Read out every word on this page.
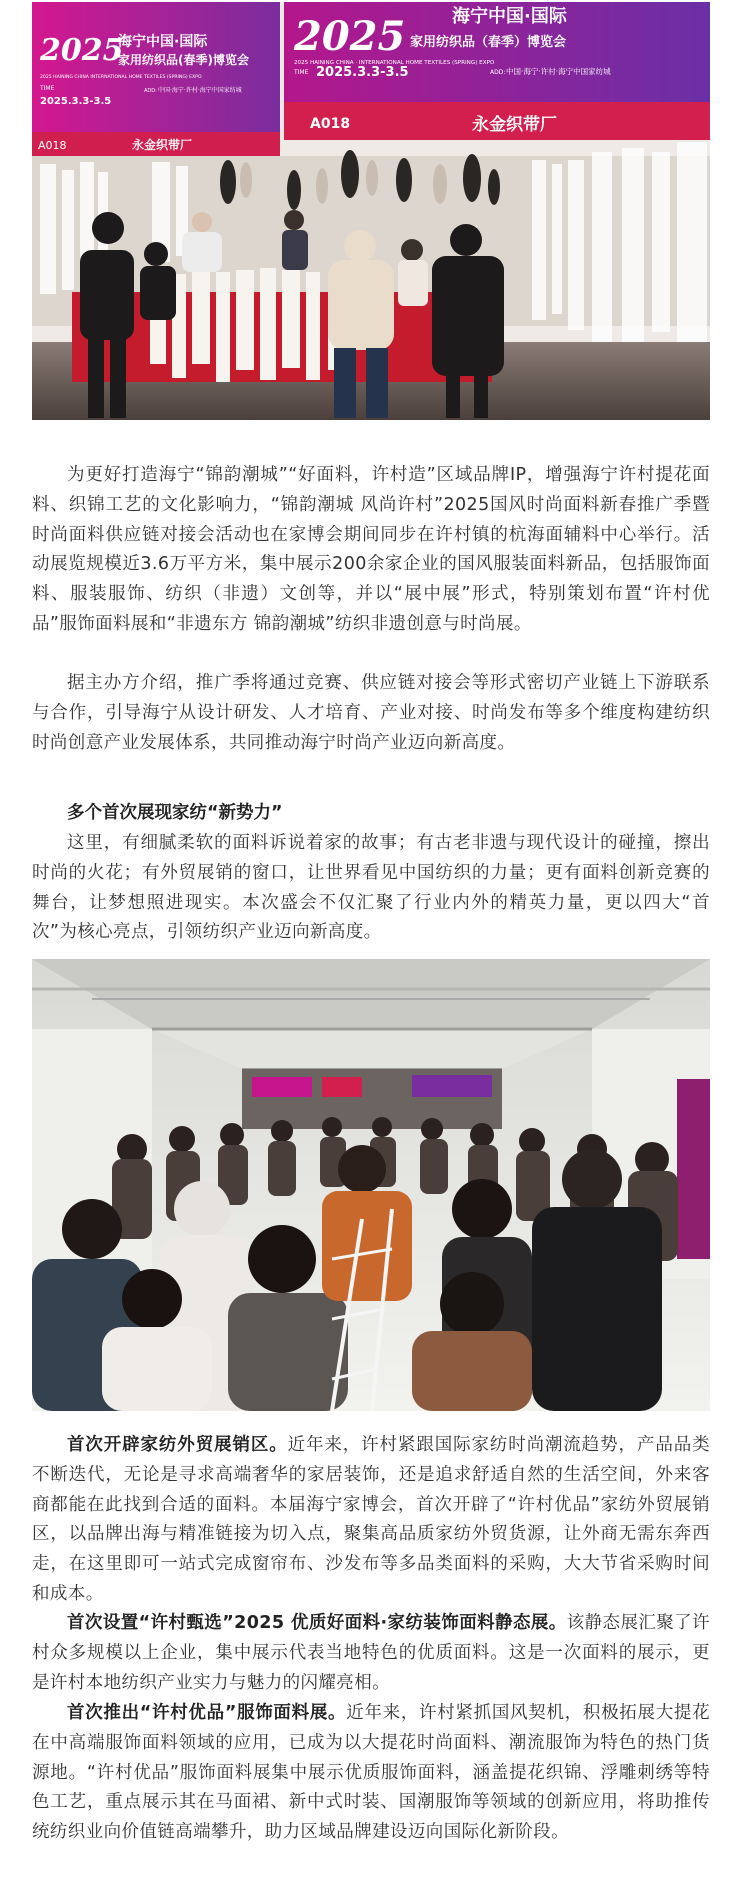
2025
海宁中国·国际
家用纺织品(春季)博览会
2025 HAINING CHINA INTERNATIONAL HOME TEXTILES (SPRING) EXPO
TIME
2025.3.3-3.5
ADD: 中国·海宁·许村·海宁中国家纺城
A018	永金织带厂
2025	海宁中国·国际
家用纺织品（春季）博览会
2025 HAINING CHINA · INTERNATIONAL HOME TEXTILES (SPRING) EXPO
TIME 2025.3.3-3.5	ADD: 中国·海宁·许村·海宁中国家纺城
A018	永金织带厂

为更好打造海宁“锦韵潮城”“好面料，许村造”区域品牌IP，增强海宁许村提花面料、织锦工艺的文化影响力，“锦韵潮城 风尚许村”2025国风时尚面料新春推广季暨时尚面料供应链对接会活动也在家博会期间同步在许村镇的杭海面辅料中心举行。活动展览规模近3.6万平方米，集中展示200余家企业的国风服装面料新品，包括服饰面料、服装服饰、纺织（非遗）文创等，并以“展中展”形式，特别策划布置“许村优品”服饰面料展和“非遗东方 锦韵潮城”纺织非遗创意与时尚展。

据主办方介绍，推广季将通过竞赛、供应链对接会等形式密切产业链上下游联系与合作，引导海宁从设计研发、人才培育、产业对接、时尚发布等多个维度构建纺织时尚创意产业发展体系，共同推动海宁时尚产业迈向新高度。

多个首次展现家纺“新势力”

这里，有细腻柔软的面料诉说着家的故事；有古老非遗与现代设计的碰撞，擦出时尚的火花；有外贸展销的窗口，让世界看见中国纺织的力量；更有面料创新竞赛的舞台，让梦想照进现实。本次盛会不仅汇聚了行业内外的精英力量，更以四大“首次”为核心亮点，引领纺织产业迈向新高度。

首次开辟家纺外贸展销区。近年来，许村紧跟国际家纺时尚潮流趋势，产品品类不断迭代，无论是寻求高端奢华的家居装饰，还是追求舒适自然的生活空间，外来客商都能在此找到合适的面料。本届海宁家博会，首次开辟了“许村优品”家纺外贸展销区，以品牌出海与精准链接为切入点，聚集高品质家纺外贸货源，让外商无需东奔西走，在这里即可一站式完成窗帘布、沙发布等多品类面料的采购，大大节省采购时间和成本。

首次设置“许村甄选”2025 优质好面料·家纺装饰面料静态展。该静态展汇聚了许村众多规模以上企业，集中展示代表当地特色的优质面料。这是一次面料的展示，更是许村本地纺织产业实力与魅力的闪耀亮相。

首次推出“许村优品”服饰面料展。近年来，许村紧抓国风契机，积极拓展大提花在中高端服饰面料领域的应用，已成为以大提花时尚面料、潮流服饰为特色的热门货源地。“许村优品”服饰面料展集中展示优质服饰面料，涵盖提花织锦、浮雕刺绣等特色工艺，重点展示其在马面裙、新中式时装、国潮服饰等领域的创新应用，将助推传统纺织业向价值链高端攀升，助力区域品牌建设迈向国际化新阶段。
